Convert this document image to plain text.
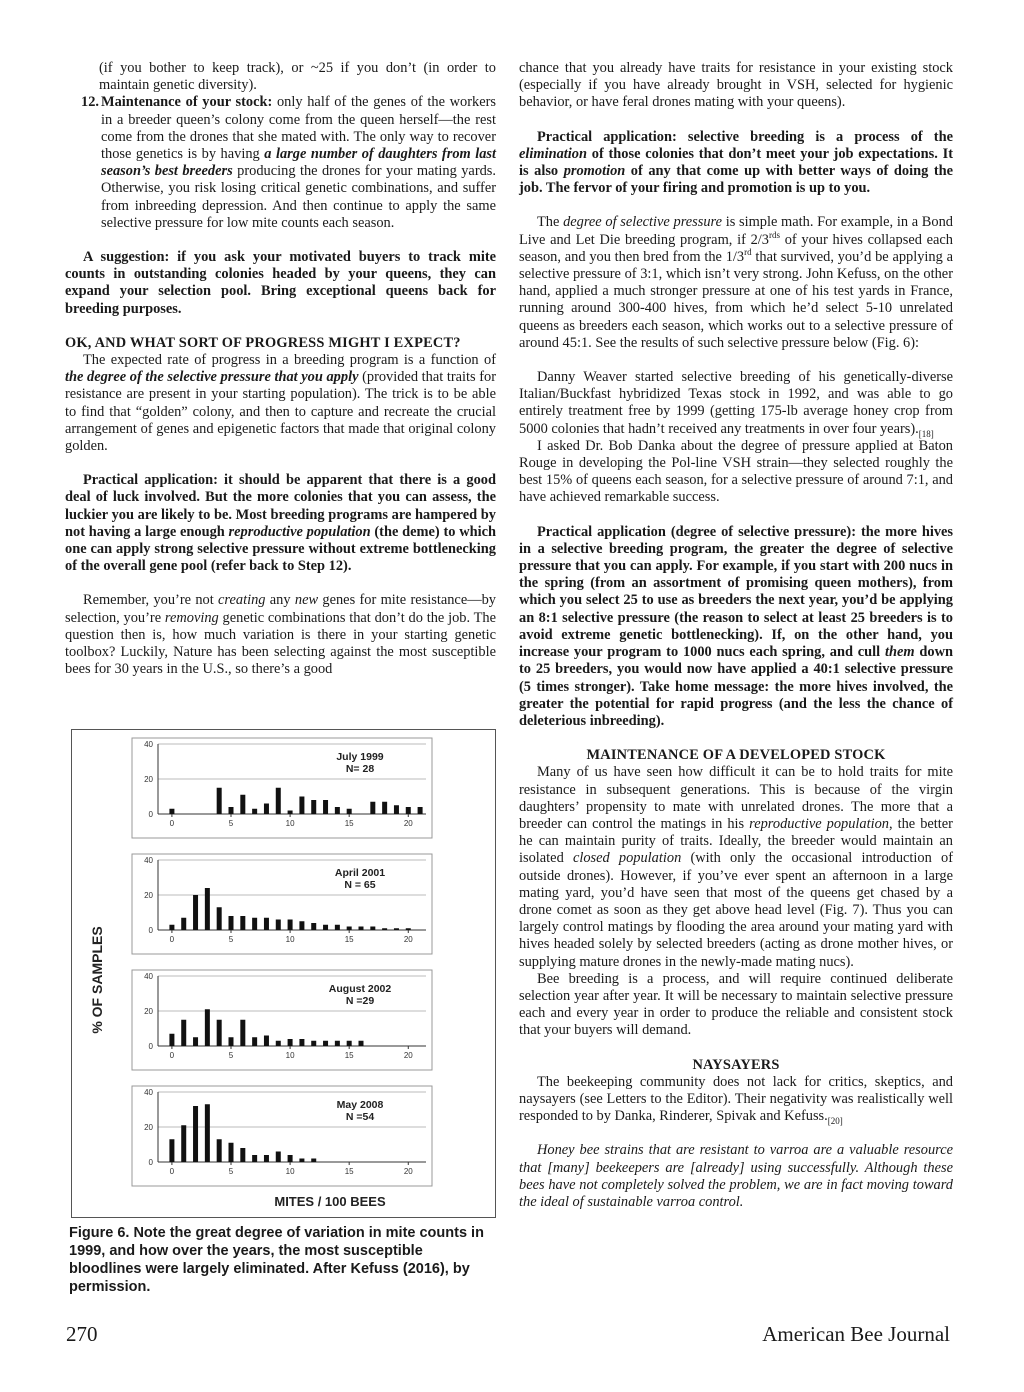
(if you bother to keep track), or ~25 if you don’t (in order to maintain genetic diversity).

12. Maintenance of your stock: only half of the genes of the workers in a breeder queen’s colony come from the queen herself—the rest come from the drones that she mated with. The only way to recover those genetics is by having a large number of daughters from last season’s best breeders producing the drones for your mating yards. Otherwise, you risk losing critical genetic combinations, and suffer from inbreeding depression. And then continue to apply the same selective pressure for low mite counts each season.

A suggestion: if you ask your motivated buyers to track mite counts in outstanding colonies headed by your queens, they can expand your selection pool. Bring exceptional queens back for breeding purposes.

OK, AND WHAT SORT OF PROGRESS MIGHT I EXPECT?

The expected rate of progress in a breeding program is a function of the degree of the selective pressure that you apply (provided that traits for resistance are present in your starting population). The trick is to be able to find that “golden” colony, and then to capture and recreate the crucial arrangement of genes and epigenetic factors that made that original colony golden.

Practical application: it should be apparent that there is a good deal of luck involved. But the more colonies that you can assess, the luckier you are likely to be. Most breeding programs are hampered by not having a large enough reproductive population (the deme) to which one can apply strong selective pressure without extreme bottlenecking of the overall gene pool (refer back to Step 12).

Remember, you’re not creating any new genes for mite resistance—by selection, you’re removing genetic combinations that don’t do the job. The question then is, how much variation is there in your starting genetic toolbox? Luckily, Nature has been selecting against the most susceptible bees for 30 years in the U.S., so there’s a good

% OF SAMPLES
MITES / 100 BEES
0
20
40
0	5	10	15	20
July 1999
N= 28
0
20
40
0	5	10	15	20
April 2001
N = 65
0
20
40
0	5	10	15	20
August 2002
N =29
0
20
40
0	5	10	15	20
May 2008
N =54
Figure 6. Note the great degree of variation in mite counts in 1999, and how over the years, the most susceptible bloodlines were largely eliminated. After Kefuss (2016), by permission.

chance that you already have traits for resistance in your existing stock (especially if you have already brought in VSH, selected for hygienic behavior, or have feral drones mating with your queens).

Practical application: selective breeding is a process of the elimination of those colonies that don’t meet your job expectations. It is also promotion of any that come up with better ways of doing the job. The fervor of your firing and promotion is up to you.

The degree of selective pressure is simple math. For example, in a Bond Live and Let Die breeding program, if $2/3^{rds}$ of your hives collapsed each season, and you then bred from the 1/3rd that survived, you’d be applying a selective pressure of 3:1, which isn’t very strong. John Kefuss, on the other hand, applied a much stronger pressure at one of his test yards in France, running around 300-400 hives, from which he’d select 5-10 unrelated queens as breeders each season, which works out to a selective pressure of around 45:1. See the results of such selective pressure below (Fig. 6):

Danny Weaver started selective breeding of his genetically-diverse Italian/Buckfast hybridized Texas stock in 1992, and was able to go entirely treatment free by 1999 (getting 175-lb average honey crop from 5000 colonies that hadn’t received any treatments in over four $years)._{[18]}$

I asked Dr. Bob Danka about the degree of pressure applied at Baton Rouge in developing the Pol-line VSH strain—they selected roughly the best 15% of queens each season, for a selective pressure of around 7:1, and have achieved remarkable success.

Practical application (degree of selective pressure): the more hives in a selective breeding program, the greater the degree of selective pressure that you can apply. For example, if you start with 200 nucs in the spring (from an assortment of promising queen mothers), from which you select 25 to use as breeders the next year, you’d be applying an 8:1 selective pressure (the reason to select at least 25 breeders is to avoid extreme genetic bottlenecking). If, on the other hand, you increase your program to 1000 nucs each spring, and cull them down to 25 breeders, you would now have applied a 40:1 selective pressure (5 times stronger). Take home message: the more hives involved, the greater the potential for rapid progress (and the less the chance of deleterious inbreeding).

MAINTENANCE OF A DEVELOPED STOCK

Many of us have seen how difficult it can be to hold traits for mite resistance in subsequent generations. This is because of the virgin daughters’ propensity to mate with unrelated drones. The more that a breeder can control the matings in his reproductive population, the better he can maintain purity of traits. Ideally, the breeder would maintain an isolated closed population (with only the occasional introduction of outside drones). However, if you’ve ever spent an afternoon in a large mating yard, you’d have seen that most of the queens get chased by a drone comet as soon as they get above head level (Fig. 7). Thus you can largely control matings by flooding the area around your mating yard with hives headed solely by selected breeders (acting as drone mother hives, or supplying mature drones in the newly-made mating nucs).

Bee breeding is a process, and will require continued deliberate selection year after year. It will be necessary to maintain selective pressure each and every year in order to produce the reliable and consistent stock that your buyers will demand.

NAYSAYERS

The beekeeping community does not lack for critics, skeptics, and naysayers (see Letters to the Editor). Their negativity was realistically well responded to by Danka, Rinderer, Spivak and $Kefuss._{[20]}$

Honey bee strains that are resistant to varroa are a valuable resource that [many] beekeepers are [already] using successfully. Although these bees have not completely solved the problem, we are in fact moving toward the ideal of sustainable varroa control.

270	American Bee Journal
